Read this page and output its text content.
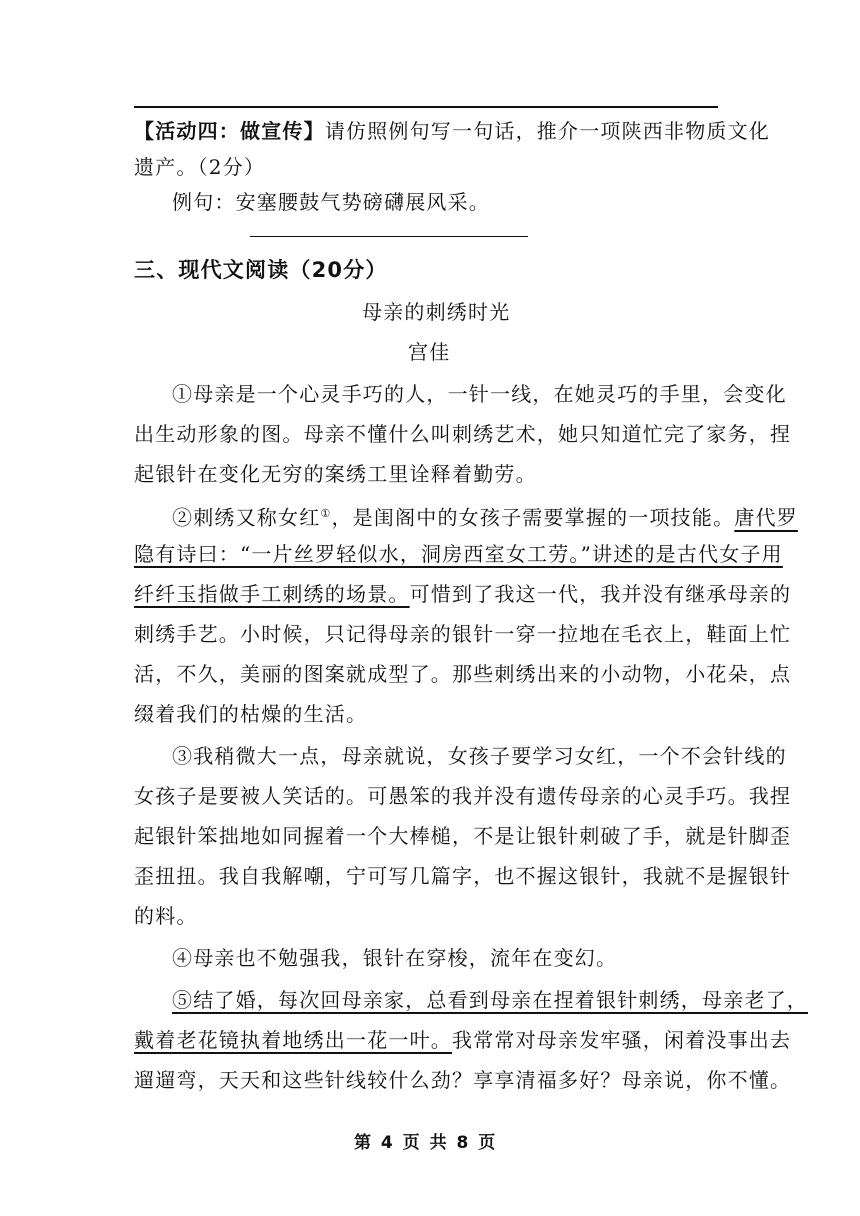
【活动四：做宣传】请仿照例句写一句话，推介一项陕西非物质文化
遗产。（2分）
例句：安塞腰鼓气势磅礴展风采。
三、现代文阅读（20分）
母亲的刺绣时光
宫佳
①母亲是一个心灵手巧的人，一针一线，在她灵巧的手里，会变化
出生动形象的图。母亲不懂什么叫刺绣艺术，她只知道忙完了家务，捏
起银针在变化无穷的案绣工里诠释着勤劳。
②刺绣又称女红①，是闺阁中的女孩子需要掌握的一项技能。唐代罗
隐有诗曰：“一片丝罗轻似水，洞房西室女工劳。”讲述的是古代女子用
纤纤玉指做手工刺绣的场景。可惜到了我这一代，我并没有继承母亲的
刺绣手艺。小时候，只记得母亲的银针一穿一拉地在毛衣上，鞋面上忙
活，不久，美丽的图案就成型了。那些刺绣出来的小动物，小花朵，点
缀着我们的枯燥的生活。
③我稍微大一点，母亲就说，女孩子要学习女红，一个不会针线的
女孩子是要被人笑话的。可愚笨的我并没有遗传母亲的心灵手巧。我捏
起银针笨拙地如同握着一个大棒槌，不是让银针刺破了手，就是针脚歪
歪扭扭。我自我解嘲，宁可写几篇字，也不握这银针，我就不是握银针
的料。
④母亲也不勉强我，银针在穿梭，流年在变幻。
⑤结了婚，每次回母亲家，总看到母亲在捏着银针刺绣，母亲老了，
戴着老花镜执着地绣出一花一叶。我常常对母亲发牢骚，闲着没事出去
遛遛弯，天天和这些针线较什么劲？享享清福多好？母亲说，你不懂。
第 4 页 共 8 页
